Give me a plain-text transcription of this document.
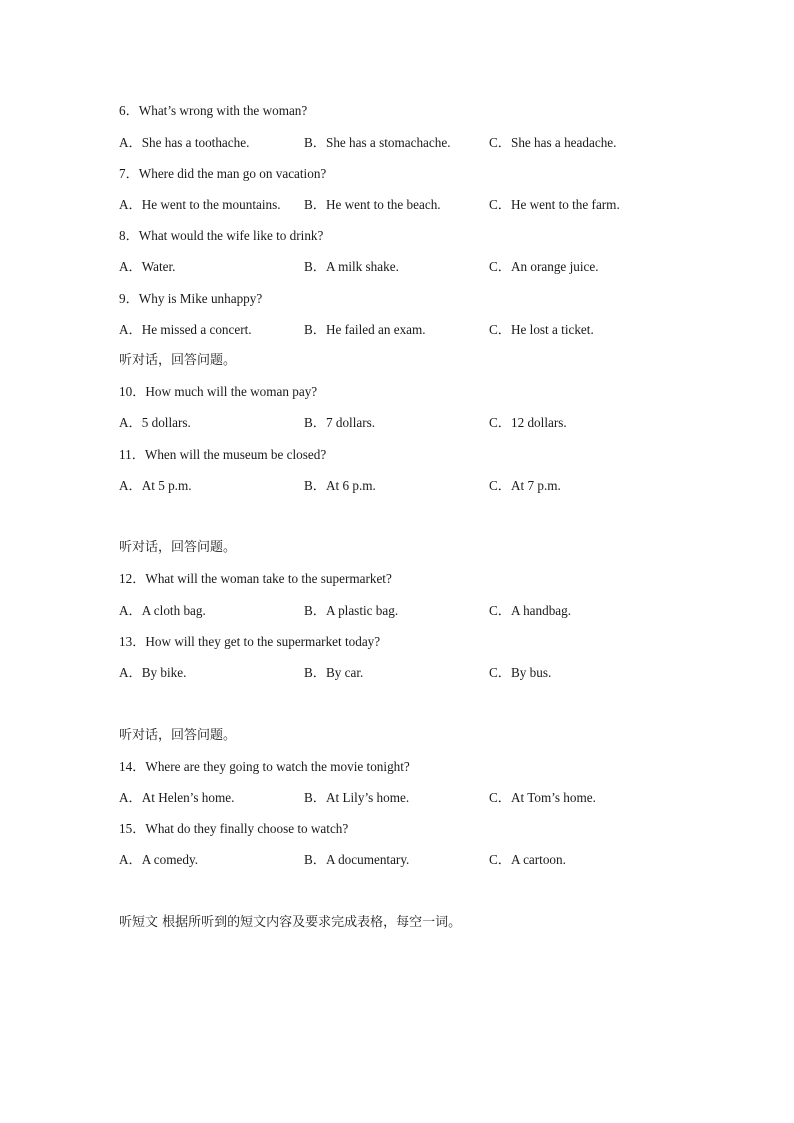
6．What’s wrong with the woman?
A．She has a toothache.	B．She has a stomachache.	C．She has a headache.
7．Where did the man go on vacation?
A．He went to the mountains. B．He went to the beach.	C．He went to the farm.
8．What would the wife like to drink?
A．Water.	B．A milk shake.	C．An orange juice.
9．Why is Mike unhappy?
A．He missed a concert.	B．He failed an exam.	C．He lost a ticket.
听对话，回答问题。
10．How much will the woman pay?
A．5 dollars.	B．7 dollars.	C．12 dollars.
11．When will the museum be closed?
A．At 5 p.m.	B．At 6 p.m.	C．At 7 p.m.
听对话，回答问题。
12．What will the woman take to the supermarket?
A．A cloth bag.	B．A plastic bag.	C．A handbag.
13．How will they get to the supermarket today?
A．By bike.	B．By car.	C．By bus.
听对话，回答问题。
14．Where are they going to watch the movie tonight?
A．At Helen’s home.	B．At Lily’s home.	C．At Tom’s home.
15．What do they finally choose to watch?
A．A comedy.	B．A documentary.	C．A cartoon.
听短文 根据所听到的短文内容及要求完成表格，每空一词。
